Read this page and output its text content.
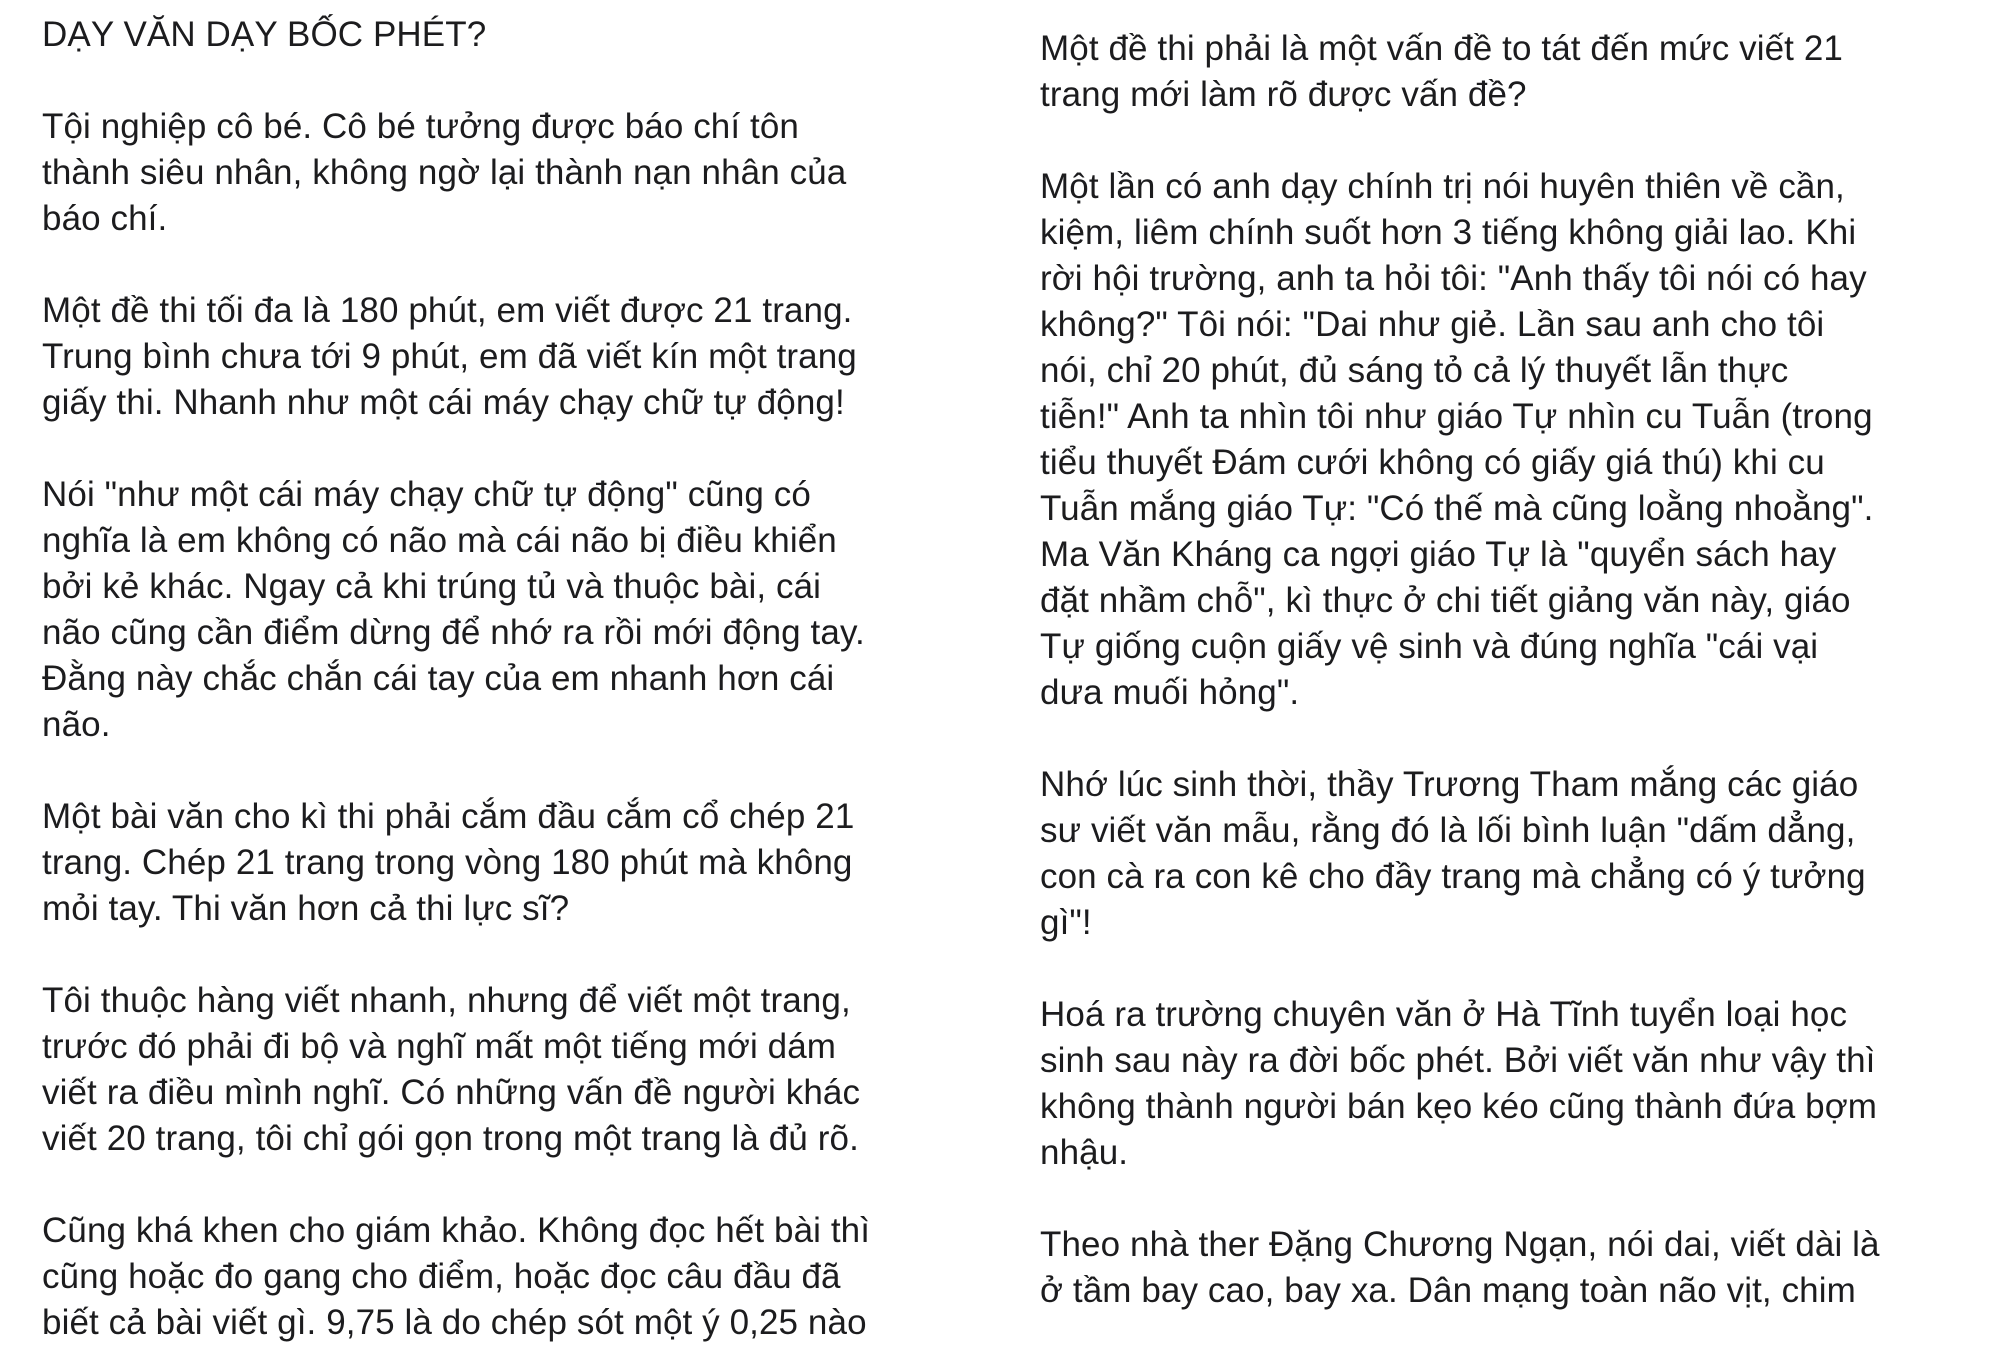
DẠY VĂN DẠY BỐC PHÉT?

Tội nghiệp cô bé. Cô bé tưởng được báo chí tôn
thành siêu nhân, không ngờ lại thành nạn nhân của
báo chí.

Một đề thi tối đa là 180 phút, em viết được 21 trang.
Trung bình chưa tới 9 phút, em đã viết kín một trang
giấy thi. Nhanh như một cái máy chạy chữ tự động!

Nói "như một cái máy chạy chữ tự động" cũng có
nghĩa là em không có não mà cái não bị điều khiển
bởi kẻ khác. Ngay cả khi trúng tủ và thuộc bài, cái
não cũng cần điểm dừng để nhớ ra rồi mới động tay.
Đằng này chắc chắn cái tay của em nhanh hơn cái
não.

Một bài văn cho kì thi phải cắm đầu cắm cổ chép 21
trang. Chép 21 trang trong vòng 180 phút mà không
mỏi tay. Thi văn hơn cả thi lực sĩ?

Tôi thuộc hàng viết nhanh, nhưng để viết một trang,
trước đó phải đi bộ và nghĩ mất một tiếng mới dám
viết ra điều mình nghĩ. Có những vấn đề người khác
viết 20 trang, tôi chỉ gói gọn trong một trang là đủ rõ.

Cũng khá khen cho giám khảo. Không đọc hết bài thì
cũng hoặc đo gang cho điểm, hoặc đọc câu đầu đã
biết cả bài viết gì. 9,75 là do chép sót một ý 0,25 nào

Một đề thi phải là một vấn đề to tát đến mức viết 21
trang mới làm rõ được vấn đề?

Một lần có anh dạy chính trị nói huyên thiên về cần,
kiệm, liêm chính suốt hơn 3 tiếng không giải lao. Khi
rời hội trường, anh ta hỏi tôi: "Anh thấy tôi nói có hay
không?" Tôi nói: "Dai như giẻ. Lần sau anh cho tôi
nói, chỉ 20 phút, đủ sáng tỏ cả lý thuyết lẫn thực
tiễn!" Anh ta nhìn tôi như giáo Tự nhìn cu Tuẫn (trong
tiểu thuyết Đám cưới không có giấy giá thú) khi cu
Tuẫn mắng giáo Tự: "Có thế mà cũng loằng nhoằng".
Ma Văn Kháng ca ngợi giáo Tự là "quyển sách hay
đặt nhầm chỗ", kì thực ở chi tiết giảng văn này, giáo
Tự giống cuộn giấy vệ sinh và đúng nghĩa "cái vại
dưa muối hỏng".

Nhớ lúc sinh thời, thầy Trương Tham mắng các giáo
sư viết văn mẫu, rằng đó là lối bình luận "dấm dẳng,
con cà ra con kê cho đầy trang mà chẳng có ý tưởng
gì"!

Hoá ra trường chuyên văn ở Hà Tĩnh tuyển loại học
sinh sau này ra đời bốc phét. Bởi viết văn như vậy thì
không thành người bán kẹo kéo cũng thành đứa bợm
nhậu.

Theo nhà ther Đặng Chương Ngạn, nói dai, viết dài là
ở tầm bay cao, bay xa. Dân mạng toàn não vịt, chim
